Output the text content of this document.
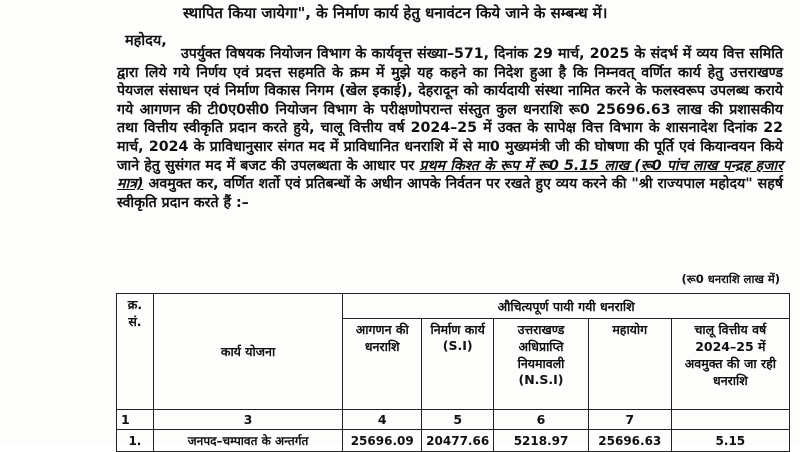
स्थापित किया जायेगा", के निर्माण कार्य हेतु धनावंटन किये जाने के सम्बन्ध में।
महोदय,
उपर्युक्त विषयक नियोजन विभाग के कार्यवृत्त संख्या–571, दिनांक 29 मार्च, 2025 के संदर्भ में व्यय वित्त समिति द्वारा लिये गये निर्णय एवं प्रदत्त सहमति के क्रम में मुझे यह कहने का निदेश हुआ है कि निम्नवत् वर्णित कार्य हेतु उत्तराखण्ड पेयजल संसाधन एवं निर्माण विकास निगम (खेल इकाई), देहरादून को कार्यदायी संस्था नामित करने के फलस्वरूप उपलब्ध कराये गये आगणन की टी0ए0सी0 नियोजन विभाग के परीक्षणोपरान्त संस्तुत कुल धनराशि रू0 25696.63 लाख की प्रशासकीय तथा वित्तीय स्वीकृति प्रदान करते हुये, चालू वित्तीय वर्ष 2024–25 में उक्त के सापेक्ष वित्त विभाग के शासनादेश दिनांक 22 मार्च, 2024 के प्राविधानुसार संगत मद में प्राविधानित धनराशि में से मा0 मुख्यमंत्री जी की घोषणा की पूर्ति एवं कियान्वयन किये जाने हेतु सुसंगत मद में बजट की उपलब्धता के आधार पर प्रथम किश्त के रूप में रू0 5.15 लाख (रू0 पांच लाख पन्द्रह हजार मात्र) अवमुक्त कर, वर्णित शर्तो एवं प्रतिबन्धों के अधीन आपके निर्वतन पर रखते हुए व्यय करने की "श्री राज्यपाल महोदय" सहर्ष स्वीकृति प्रदान करते हैं :–
(रू0 धनराशि लाख में)
क्र. सं.	कार्य योजना	औचित्यपूर्ण पायी गयी धनराशि				
		आगणन की धनराशि	निर्माण कार्य (S.I)	उत्तराखण्ड अधिप्राप्ति नियमावली (N.S.I)	महायोग	चालू वित्तीय वर्ष 2024–25 में अवमुक्त की जा रही धनराशि
1	3	4	5	6	7	
1.	जनपद–चम्पावत के अन्तर्गत	25696.09	20477.66	5218.97	25696.63	5.15
